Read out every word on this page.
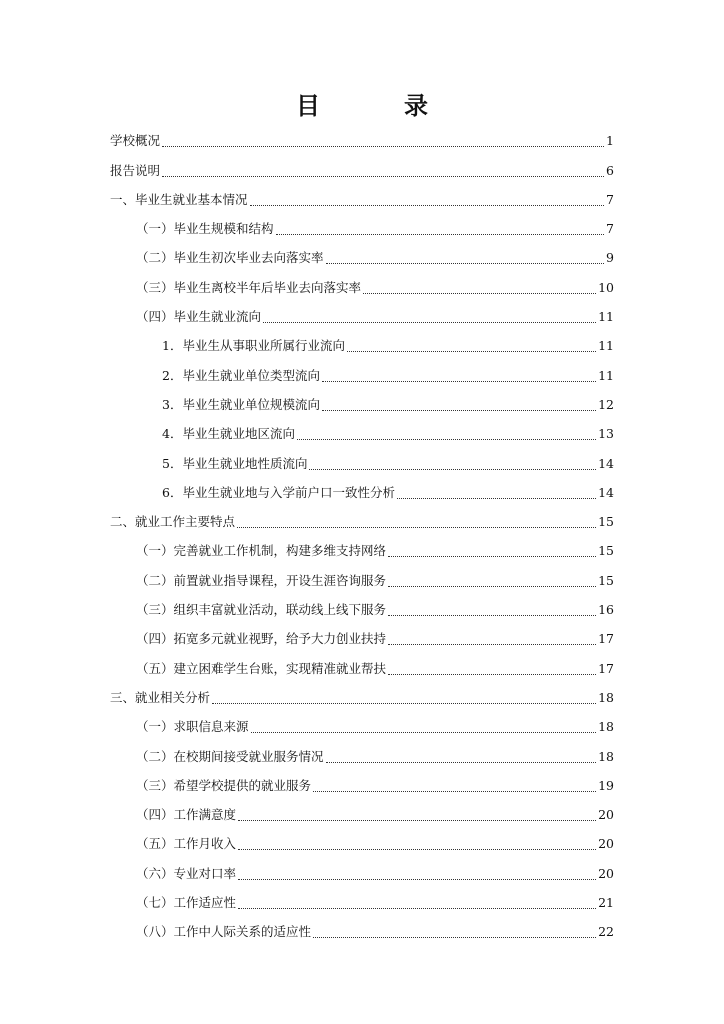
目　录
学校概况	1
报告说明	6
一、毕业生就业基本情况	7
（一）毕业生规模和结构	7
（二）毕业生初次毕业去向落实率	9
（三）毕业生离校半年后毕业去向落实率	10
（四）毕业生就业流向	11
1．毕业生从事职业所属行业流向	11
2．毕业生就业单位类型流向	11
3．毕业生就业单位规模流向	12
4．毕业生就业地区流向	13
5．毕业生就业地性质流向	14
6．毕业生就业地与入学前户口一致性分析	14
二、就业工作主要特点	15
（一）完善就业工作机制，构建多维支持网络	15
（二）前置就业指导课程，开设生涯咨询服务	15
（三）组织丰富就业活动，联动线上线下服务	16
（四）拓宽多元就业视野，给予大力创业扶持	17
（五）建立困难学生台账，实现精准就业帮扶	17
三、就业相关分析	18
（一）求职信息来源	18
（二）在校期间接受就业服务情况	18
（三）希望学校提供的就业服务	19
（四）工作满意度	20
（五）工作月收入	20
（六）专业对口率	20
（七）工作适应性	21
（八）工作中人际关系的适应性	22
